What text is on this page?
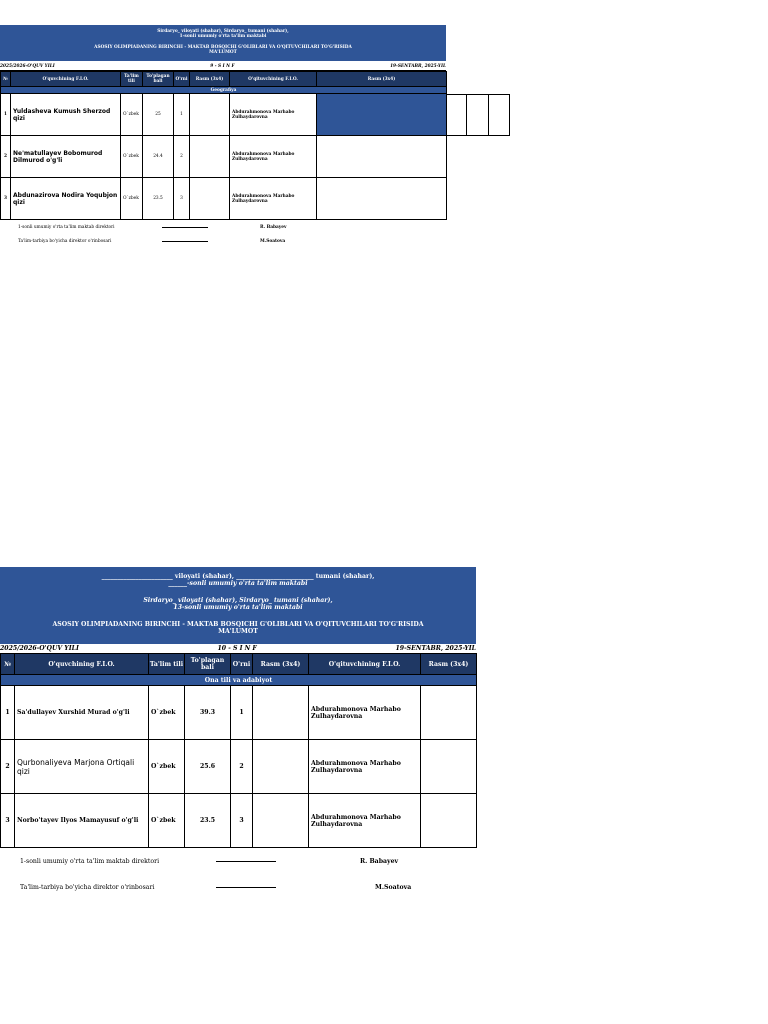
Sirdaryo_ viloyati (shahar), Sirdaryo_ tumani (shahar),
1-sonli umumiy o'rta ta'lim maktabi
ASOSIY OLIMPIADANING BIRINCHI - MAKTAB BOSQICHI G'OLIBLARI VA O'QITUVCHILARI TO'G'RISIDA
MA'LUMOT
2025/2026-O'QUV YILI	9 - S I N F	19-SENTABR, 2025-YIL
№	O'quvchining F.I.O.	Ta'lim tili	To'plagan bali	O'rni	Rasm (3x4)	O'qituvchining F.I.O.	Rasm (3x4)
Geografiya							
1	Yuldasheva Kumush Sherzod qizi	O`zbek	25	1		Abdurahmonova Marhabo Zulhaydarovna	
2	Ne'matullayev Bobomurod Dilmurod o'g'li	O`zbek	24.4	2		Abdurahmonova Marhabo Zulhaydarovna	
3	Abdunazirova Nodira Yoqubjon qizi	O`zbek	23.5	3		Abdurahmonova Marhabo Zulhaydarovna	
1-sonli umumiy o'rta ta'lim maktab direktori	R. Babayev
Ta'lim-tarbiya bo'yicha direktor o'rinbosari	M.Soatova
_______________________ viloyati (shahar), _________________________ tumani (shahar),
______-sonli umumiy o'rta ta'lim maktabi
Sirdaryo_ viloyati (shahar), Sirdaryo_ tumani (shahar),
13-sonli umumiy o'rta ta'lim maktabi
ASOSIY OLIMPIADANING BIRINCHI - MAKTAB BOSQICHI G'OLIBLARI VA O'QITUVCHILARI TO'G'RISIDA
MA'LUMOT
2025/2026-O'QUV YILI	10 - S I N F	19-SENTABR, 2025-YIL
№	O'quvchining F.I.O.	Ta'lim tili	To'plagan bali	O'rni	Rasm (3x4)	O'qituvchining F.I.O.	Rasm (3x4)
Ona tili va adabiyot							
1	Sa'dullayev Xurshid Murad o'g'li	O`zbek	39.3	1		Abdurahmonova Marhabo Zulhaydarovna	
2	Qurbonaliyeva Marjona Ortiqali qizi	O`zbek	25.6	2		Abdurahmonova Marhabo Zulhaydarovna	
3	Norbo'tayev Ilyos Mamayusuf o'g'li	O`zbek	23.5	3		Abdurahmonova Marhabo Zulhaydarovna	
1-sonli umumiy o'rta ta'lim maktab direktori	R. Babayev
Ta'lim-tarbiya bo'yicha direktor o'rinbosari	M.Soatova
